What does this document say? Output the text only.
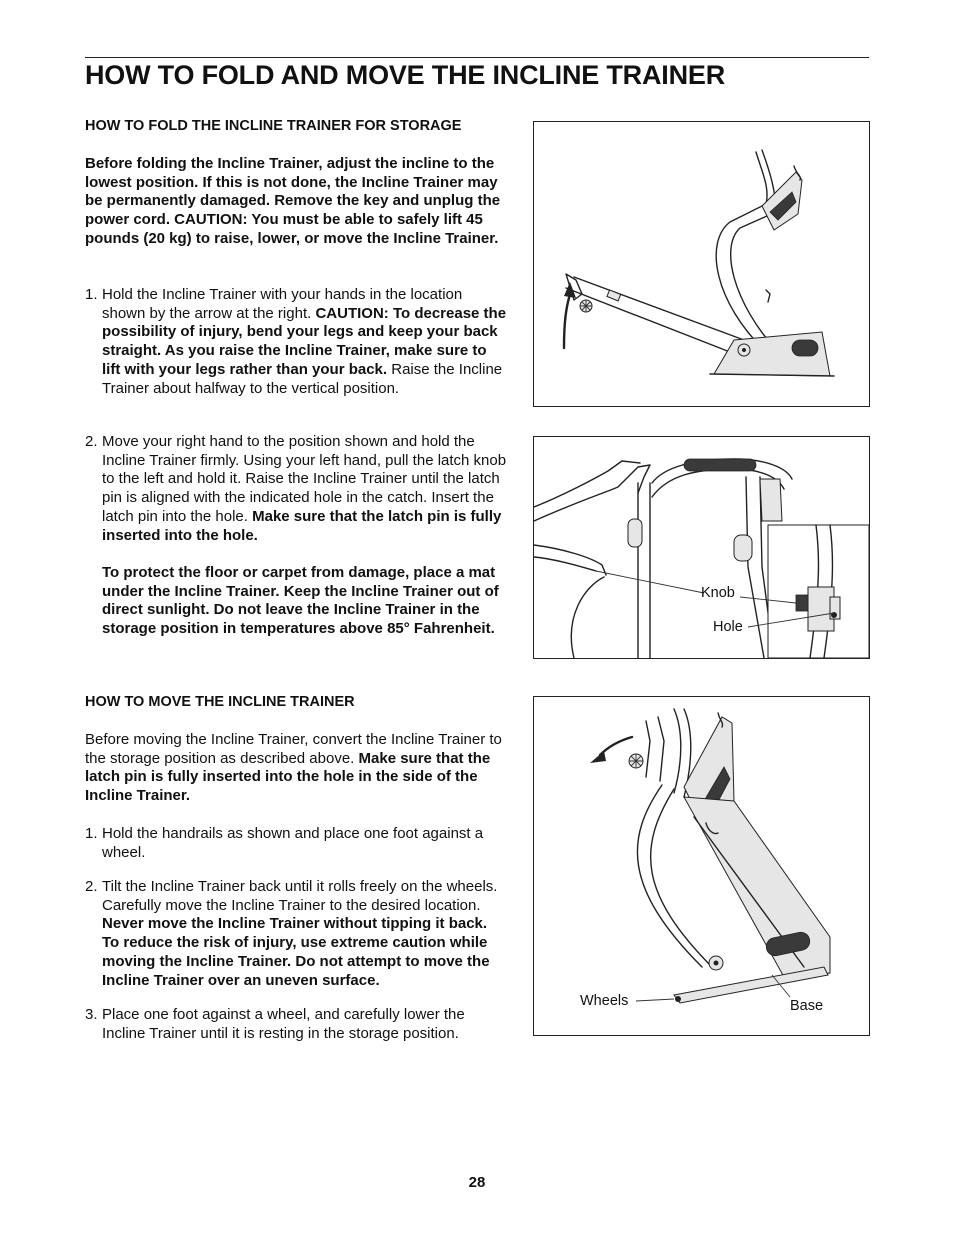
HOW TO FOLD AND MOVE THE INCLINE TRAINER
HOW TO FOLD THE INCLINE TRAINER FOR STORAGE
Before folding the Incline Trainer, adjust the incline to the lowest position. If this is not done, the Incline Trainer may be permanently damaged. Remove the key and unplug the power cord. CAUTION: You must be able to safely lift 45 pounds (20 kg) to raise, lower, or move the Incline Trainer.
1. Hold the Incline Trainer with your hands in the location shown by the arrow at the right. CAUTION: To decrease the possibility of injury, bend your legs and keep your back straight. As you raise the Incline Trainer, make sure to lift with your legs rather than your back. Raise the Incline Trainer about halfway to the vertical position.
2. Move your right hand to the position shown and hold the Incline Trainer firmly. Using your left hand, pull the latch knob to the left and hold it. Raise the Incline Trainer until the latch pin is aligned with the indicated hole in the catch. Insert the latch pin into the hole. Make sure that the latch pin is fully inserted into the hole.
To protect the floor or carpet from damage, place a mat under the Incline Trainer. Keep the Incline Trainer out of direct sunlight. Do not leave the Incline Trainer in the storage position in temperatures above 85° Fahrenheit.
HOW TO MOVE THE INCLINE TRAINER
Before moving the Incline Trainer, convert the Incline Trainer to the storage position as described above. Make sure that the latch pin is fully inserted into the hole in the side of the Incline Trainer.
1. Hold the handrails as shown and place one foot against a wheel.
2. Tilt the Incline Trainer back until it rolls freely on the wheels. Carefully move the Incline Trainer to the desired location. Never move the Incline Trainer without tipping it back. To reduce the risk of injury, use extreme caution while moving the Incline Trainer. Do not attempt to move the Incline Trainer over an uneven surface.
3. Place one foot against a wheel, and carefully lower the Incline Trainer until it is resting in the storage position.
Knob
Hole
Wheels	Base
28
